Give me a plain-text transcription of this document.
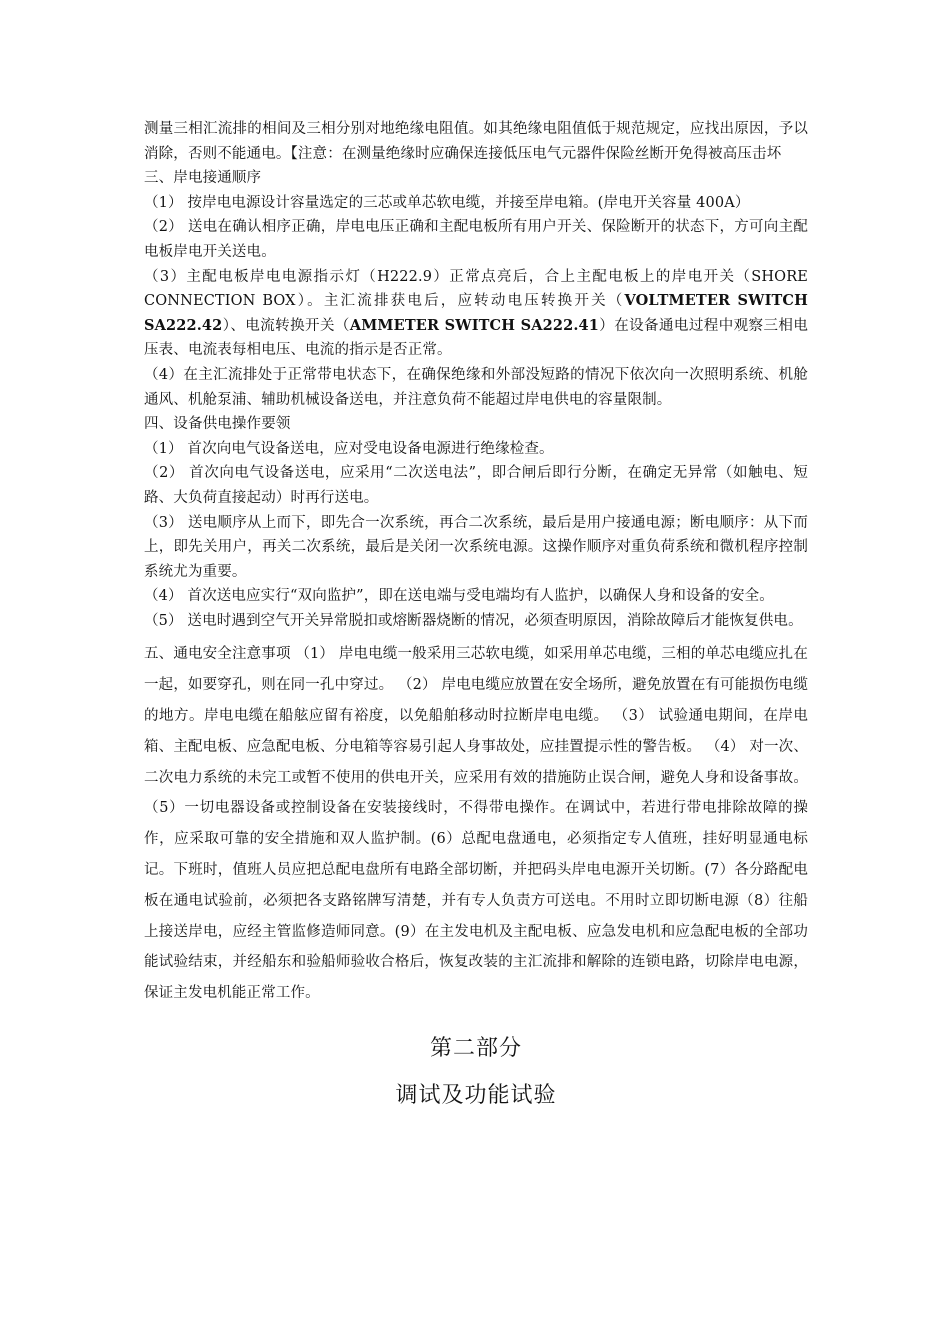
测量三相汇流排的相间及三相分别对地绝缘电阻值。如其绝缘电阻值低于规范规定，应找出原因，予以消除，否则不能通电。【注意：在测量绝缘时应确保连接低压电气元器件保险丝断开免得被高压击坏

三、岸电接通顺序

（1） 按岸电电源设计容量选定的三芯或单芯软电缆，并接至岸电箱。(岸电开关容量 400A）

（2） 送电在确认相序正确，岸电电压正确和主配电板所有用户开关、保险断开的状态下，方可向主配电板岸电开关送电。

（3）主配电板岸电电源指示灯（H222.9）正常点亮后，合上主配电板上的岸电开关（SHORE CONNECTION BOX）。主汇流排获电后，应转动电压转换开关（VOLTMETER SWITCH SA222.42）、电流转换开关（AMMETER SWITCH SA222.41）在设备通电过程中观察三相电压表、电流表每相电压、电流的指示是否正常。

（4）在主汇流排处于正常带电状态下，在确保绝缘和外部没短路的情况下依次向一次照明系统、机舱通风、机舱泵浦、辅助机械设备送电，并注意负荷不能超过岸电供电的容量限制。

四、设备供电操作要领

（1） 首次向电气设备送电，应对受电设备电源进行绝缘检查。

（2） 首次向电气设备送电，应采用“二次送电法”，即合闸后即行分断，在确定无异常（如触电、短路、大负荷直接起动）时再行送电。

（3） 送电顺序从上而下，即先合一次系统，再合二次系统，最后是用户接通电源；断电顺序：从下而上，即先关用户，再关二次系统，最后是关闭一次系统电源。这操作顺序对重负荷系统和微机程序控制系统尤为重要。

（4） 首次送电应实行“双向监护”，即在送电端与受电端均有人监护，以确保人身和设备的安全。

（5） 送电时遇到空气开关异常脱扣或熔断器烧断的情况，必须查明原因，消除故障后才能恢复供电。

五、通电安全注意事项 （1） 岸电电缆一般采用三芯软电缆，如采用单芯电缆，三相的单芯电缆应扎在一起，如要穿孔，则在同一孔中穿过。 （2） 岸电电缆应放置在安全场所，避免放置在有可能损伤电缆的地方。岸电电缆在船舷应留有裕度，以免船舶移动时拉断岸电电缆。 （3） 试验通电期间，在岸电箱、主配电板、应急配电板、分电箱等容易引起人身事故处，应挂置提示性的警告板。 （4） 对一次、二次电力系统的未完工或暂不使用的供电开关，应采用有效的措施防止误合闸，避免人身和设备事故。 （5）一切电器设备或控制设备在安装接线时，不得带电操作。在调试中，若进行带电排除故障的操作，应采取可靠的安全措施和双人监护制。(6）总配电盘通电，必须指定专人值班，挂好明显通电标记。下班时，值班人员应把总配电盘所有电路全部切断，并把码头岸电电源开关切断。(7）各分路配电板在通电试验前，必须把各支路铭牌写清楚，并有专人负责方可送电。不用时立即切断电源（8）往船上接送岸电，应经主管监修造师同意。(9）在主发电机及主配电板、应急发电机和应急配电板的全部功能试验结束，并经船东和验船师验收合格后，恢复改装的主汇流排和解除的连锁电路，切除岸电电源，保证主发电机能正常工作。

第二部分

调试及功能试验
